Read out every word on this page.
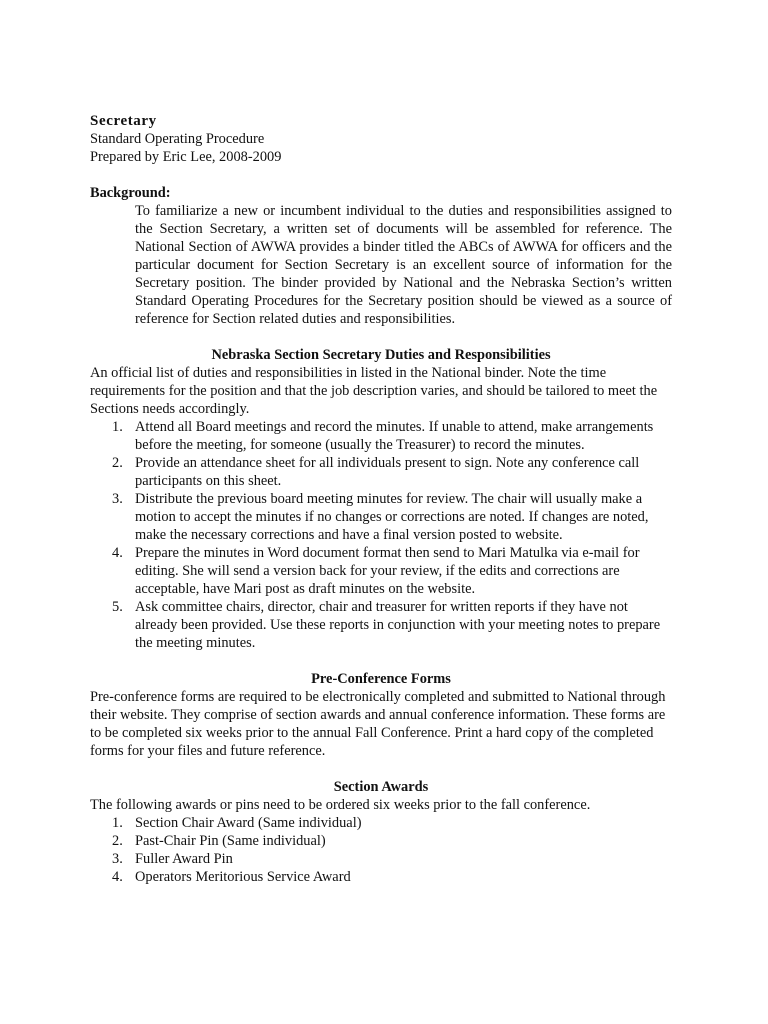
Secretary

Standard Operating Procedure

Prepared by Eric Lee, 2008-2009

Background:

To familiarize a new or incumbent individual to the duties and responsibilities assigned to the Section Secretary, a written set of documents will be assembled for reference. The National Section of AWWA provides a binder titled the ABCs of AWWA for officers and the particular document for Section Secretary is an excellent source of information for the Secretary position. The binder provided by National and the Nebraska Section’s written Standard Operating Procedures for the Secretary position should be viewed as a source of reference for Section related duties and responsibilities.

Nebraska Section Secretary Duties and Responsibilities

An official list of duties and responsibilities in listed in the National binder. Note the time requirements for the position and that the job description varies, and should be tailored to meet the Sections needs accordingly.

1. Attend all Board meetings and record the minutes. If unable to attend, make arrangements before the meeting, for someone (usually the Treasurer) to record the minutes.
2. Provide an attendance sheet for all individuals present to sign. Note any conference call participants on this sheet.
3. Distribute the previous board meeting minutes for review. The chair will usually make a motion to accept the minutes if no changes or corrections are noted. If changes are noted, make the necessary corrections and have a final version posted to website.
4. Prepare the minutes in Word document format then send to Mari Matulka via e-mail for editing. She will send a version back for your review, if the edits and corrections are acceptable, have Mari post as draft minutes on the website.
5. Ask committee chairs, director, chair and treasurer for written reports if they have not already been provided. Use these reports in conjunction with your meeting notes to prepare the meeting minutes.

Pre-Conference Forms

Pre-conference forms are required to be electronically completed and submitted to National through their website. They comprise of section awards and annual conference information. These forms are to be completed six weeks prior to the annual Fall Conference. Print a hard copy of the completed forms for your files and future reference.

Section Awards

The following awards or pins need to be ordered six weeks prior to the fall conference.

1. Section Chair Award (Same individual)
2. Past-Chair Pin (Same individual)
3. Fuller Award Pin
4. Operators Meritorious Service Award
